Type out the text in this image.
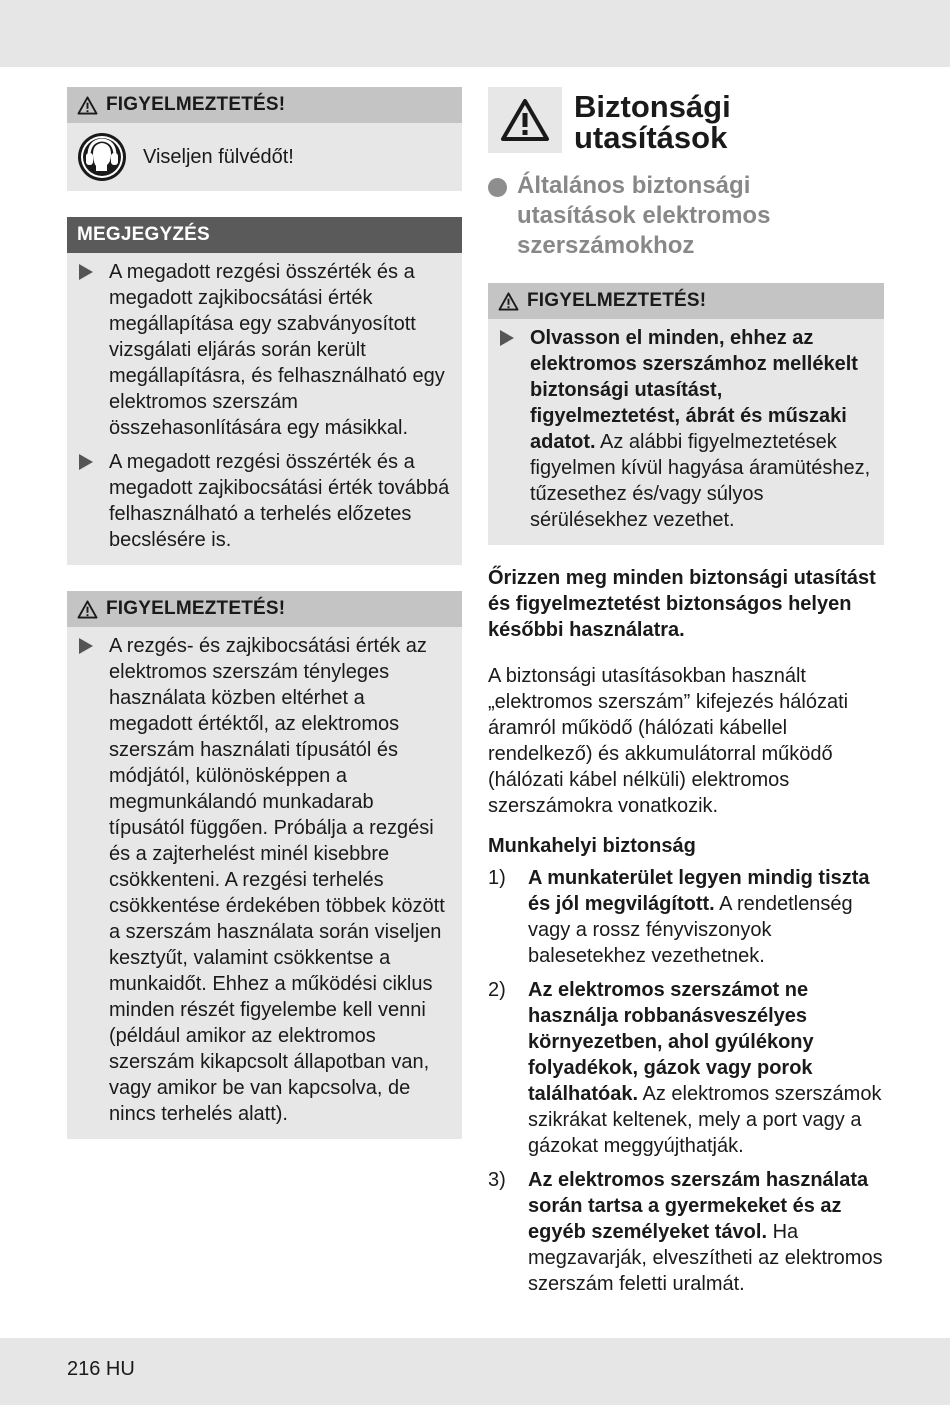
FIGYELMEZTETÉS!
Viseljen fülvédőt!
MEGJEGYZÉS
A megadott rezgési összérték és a megadott zajkibocsátási érték megállapítása egy szabványosított vizsgálati eljárás során került megállapításra, és felhasználható egy elektromos szerszám összehasonlítására egy másikkal.
A megadott rezgési összérték és a megadott zajkibocsátási érték továbbá felhasználható a terhelés előzetes becslésére is.
FIGYELMEZTETÉS!
A rezgés- és zajkibocsátási érték az elektromos szerszám tényleges használata közben eltérhet a megadott értéktől, az elektromos szerszám használati típusától és módjától, különösképpen a megmunkálandó munkadarab típusától függően. Próbálja a rezgési és a zajterhelést minél kisebbre csökkenteni. A rezgési terhelés csökkentése érdekében többek között a szerszám használata során viseljen kesztyűt, valamint csökkentse a munkaidőt. Ehhez a működési ciklus minden részét figyelembe kell venni (például amikor az elektromos szerszám kikapcsolt állapotban van, vagy amikor be van kapcsolva, de nincs terhelés alatt).
Biztonsági
utasítások
Általános biztonsági
utasítások elektromos
szerszámokhoz
FIGYELMEZTETÉS!
Olvasson el minden, ehhez az elektromos szerszámhoz mellékelt biztonsági utasítást, figyelmeztetést, ábrát és műszaki adatot. Az alábbi figyelmeztetések figyelmen kívül hagyása áramütéshez, tűzesethez és/vagy súlyos sérülésekhez vezethet.
Őrizzen meg minden biztonsági utasítást és figyelmeztetést biztonságos helyen későbbi használatra.
A biztonsági utasításokban használt „elektromos szerszám” kifejezés hálózati áramról működő (hálózati kábellel rendelkező) és akkumulátorral működő (hálózati kábel nélküli) elektromos szerszámokra vonatkozik.
Munkahelyi biztonság
1) A munkaterület legyen mindig tiszta és jól megvilágított. A rendetlenség vagy a rossz fényviszonyok balesetekhez vezethetnek.
2) Az elektromos szerszámot ne használja robbanásveszélyes környezetben, ahol gyúlékony folyadékok, gázok vagy porok találhatóak. Az elektromos szerszámok szikrákat keltenek, mely a port vagy a gázokat meggyújthatják.
3) Az elektromos szerszám használata során tartsa a gyermekeket és az egyéb személyeket távol. Ha megzavarják, elveszítheti az elektromos szerszám feletti uralmát.
216 HU
